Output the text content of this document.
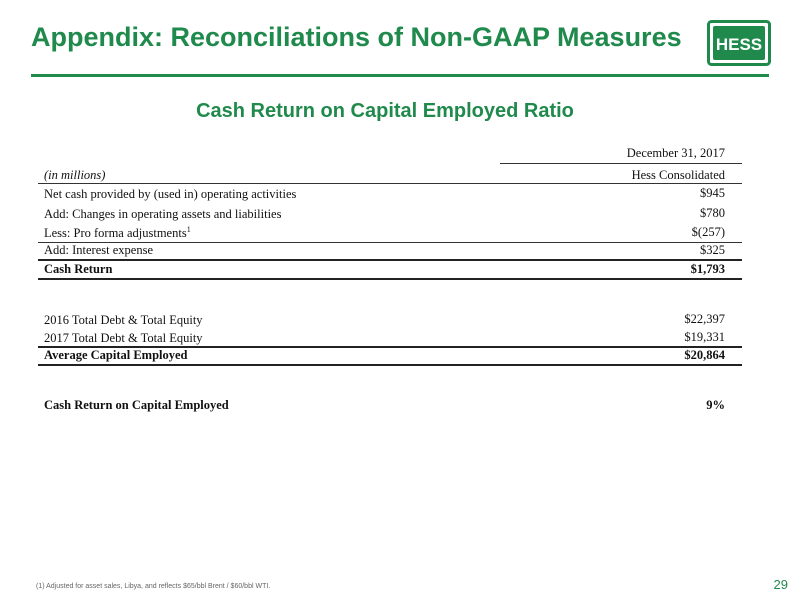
Appendix: Reconciliations of Non-GAAP Measures HESS
Cash Return on Capital Employed Ratio
December 31, 2017
(in millions)	Hess Consolidated
Net cash provided by (used in) operating activities	$945
Add: Changes in operating assets and liabilities	$780
Less: Pro forma adjustments$^1$	$(257)
Add: Interest expense	$325
Cash Return	$1,793
2016 Total Debt & Total Equity	$22,397
2017 Total Debt & Total Equity	$19,331
Average Capital Employed	$20,864
Cash Return on Capital Employed	9%
(1) Adjusted for asset sales, Libya, and reflects $65/bbl Brent / $60/bbl WTI.	29
